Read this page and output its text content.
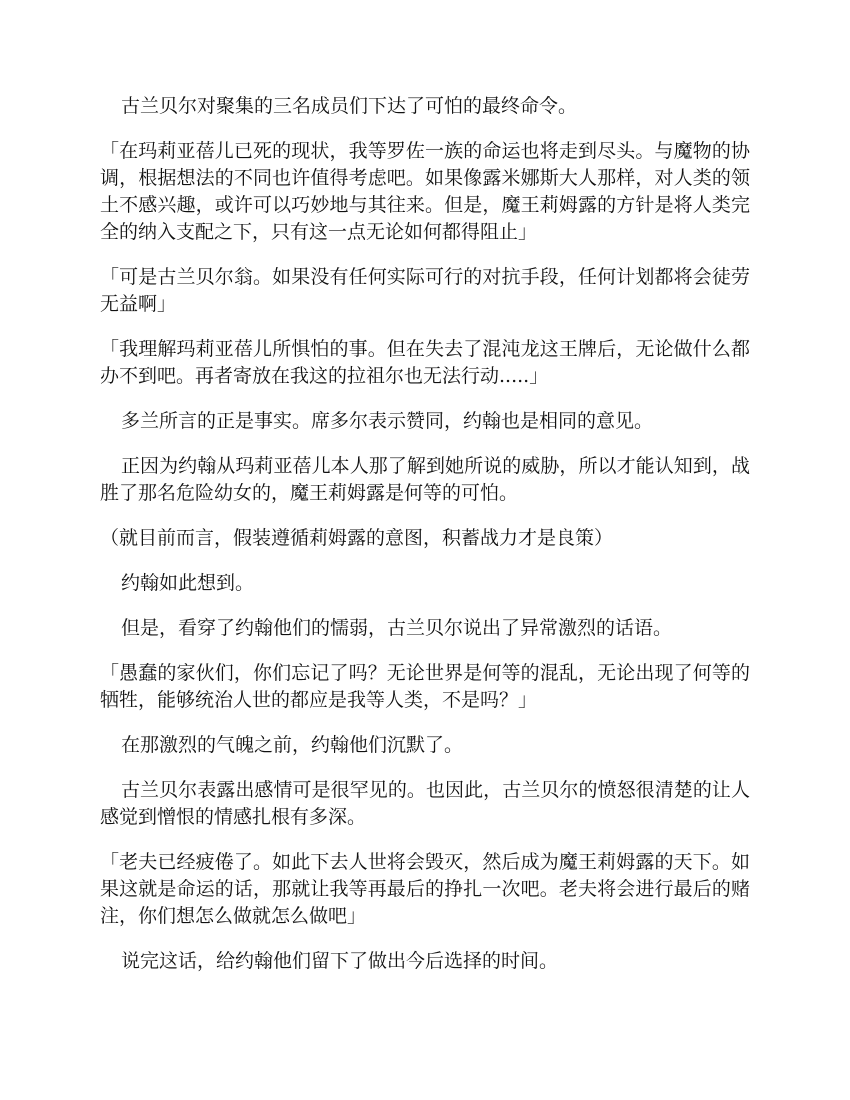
古兰贝尔对聚集的三名成员们下达了可怕的最终命令。

「在玛莉亚蓓儿已死的现状，我等罗佐一族的命运也将走到尽头。与魔物的协调，根据想法的不同也许值得考虑吧。如果像露米娜斯大人那样，对人类的领土不感兴趣，或许可以巧妙地与其往来。但是，魔王莉姆露的方针是将人类完全的纳入支配之下，只有这一点无论如何都得阻止」

「可是古兰贝尔翁。如果没有任何实际可行的对抗手段，任何计划都将会徒劳无益啊」

「我理解玛莉亚蓓儿所惧怕的事。但在失去了混沌龙这王牌后，无论做什么都办不到吧。再者寄放在我这的拉祖尔也无法行动.....」

多兰所言的正是事实。席多尔表示赞同，约翰也是相同的意见。

正因为约翰从玛莉亚蓓儿本人那了解到她所说的威胁，所以才能认知到，战胜了那名危险幼女的，魔王莉姆露是何等的可怕。

（就目前而言，假装遵循莉姆露的意图，积蓄战力才是良策）

约翰如此想到。

但是，看穿了约翰他们的懦弱，古兰贝尔说出了异常激烈的话语。

「愚蠢的家伙们，你们忘记了吗？无论世界是何等的混乱，无论出现了何等的牺牲，能够统治人世的都应是我等人类，不是吗？」

在那激烈的气魄之前，约翰他们沉默了。

古兰贝尔表露出感情可是很罕见的。也因此，古兰贝尔的愤怒很清楚的让人感觉到憎恨的情感扎根有多深。

「老夫已经疲倦了。如此下去人世将会毁灭，然后成为魔王莉姆露的天下。如果这就是命运的话，那就让我等再最后的挣扎一次吧。老夫将会进行最后的赌注，你们想怎么做就怎么做吧」

说完这话，给约翰他们留下了做出今后选择的时间。
